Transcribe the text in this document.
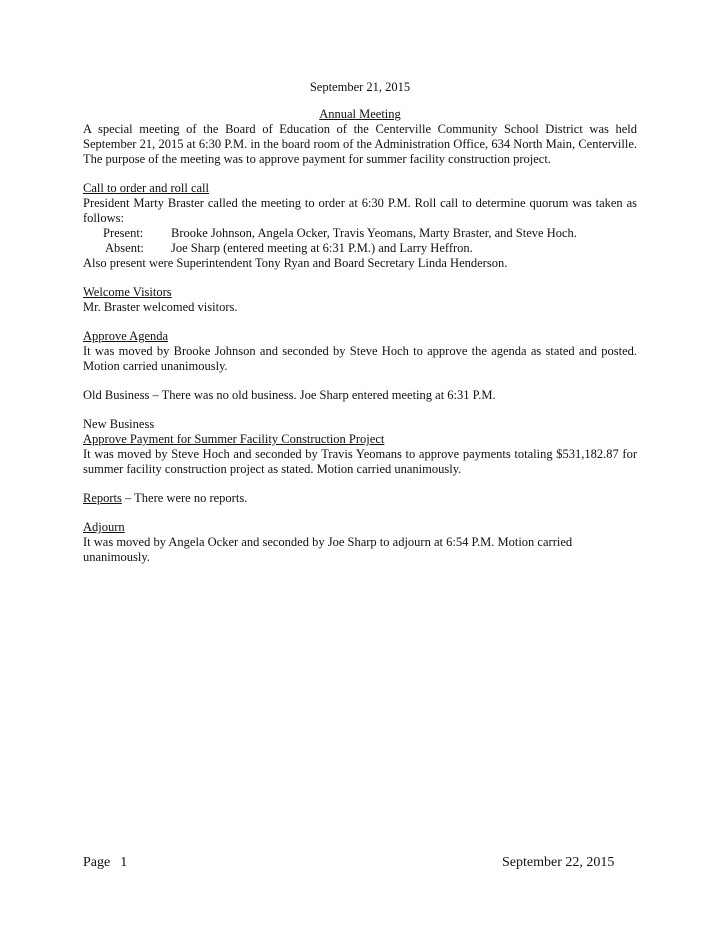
September 21, 2015
Annual Meeting
A special meeting of the Board of Education of the Centerville Community School District was held September 21, 2015 at 6:30 P.M. in the board room of the Administration Office, 634 North Main, Centerville. The purpose of the meeting was to approve payment for summer facility construction project.
Call to order and roll call
President Marty Braster called the meeting to order at 6:30 P.M. Roll call to determine quorum was taken as follows:
Present:	Brooke Johnson, Angela Ocker, Travis Yeomans, Marty Braster, and Steve Hoch.
Absent:	Joe Sharp (entered meeting at 6:31 P.M.) and Larry Heffron.
Also present were Superintendent Tony Ryan and Board Secretary Linda Henderson.
Welcome Visitors
Mr. Braster welcomed visitors.
Approve Agenda
It was moved by Brooke Johnson and seconded by Steve Hoch to approve the agenda as stated and posted. Motion carried unanimously.
Old Business – There was no old business. Joe Sharp entered meeting at 6:31 P.M.
New Business
Approve Payment for Summer Facility Construction Project
It was moved by Steve Hoch and seconded by Travis Yeomans to approve payments totaling $531,182.87 for summer facility construction project as stated. Motion carried unanimously.
Reports – There were no reports.
Adjourn
It was moved by Angela Ocker and seconded by Joe Sharp to adjourn at 6:54 P.M. Motion carried unanimously.
Page 1	September 22, 2015
